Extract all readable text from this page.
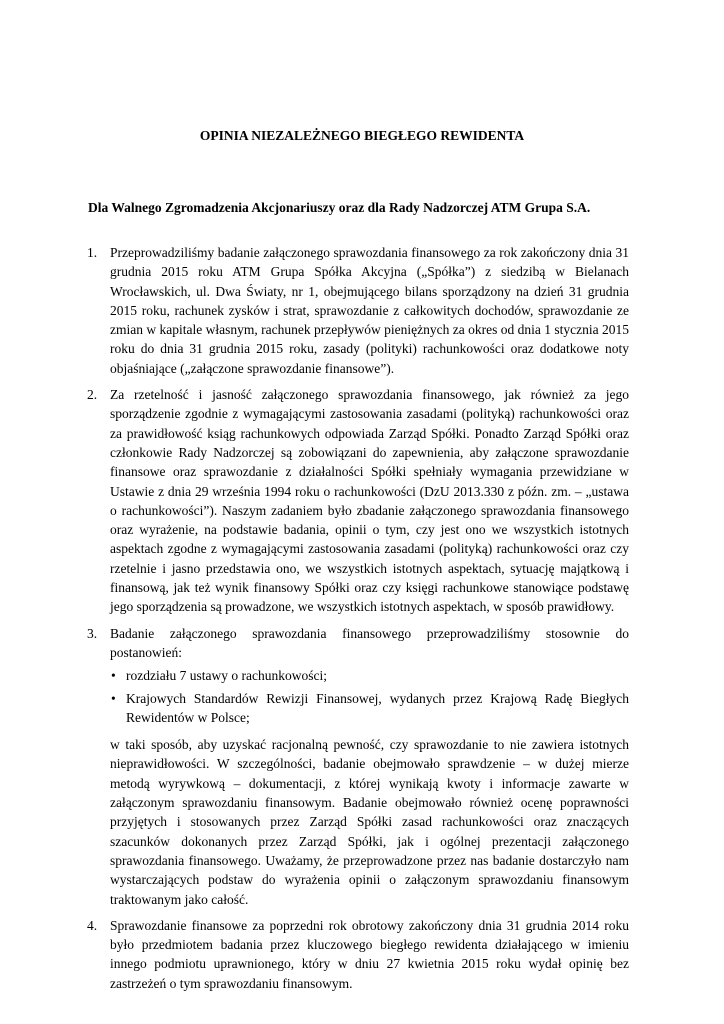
OPINIA NIEZALEŻNEGO BIEGŁEGO REWIDENTA
Dla Walnego Zgromadzenia Akcjonariuszy oraz dla Rady Nadzorczej ATM Grupa S.A.
1. Przeprowadziliśmy badanie załączonego sprawozdania finansowego za rok zakończony dnia 31 grudnia 2015 roku ATM Grupa Spółka Akcyjna („Spółka”) z siedzibą w Bielanach Wrocławskich, ul. Dwa Światy, nr 1, obejmującego bilans sporządzony na dzień 31 grudnia 2015 roku, rachunek zysków i strat, sprawozdanie z całkowitych dochodów, sprawozdanie ze zmian w kapitale własnym, rachunek przepływów pieniężnych za okres od dnia 1 stycznia 2015 roku do dnia 31 grudnia 2015 roku, zasady (polityki) rachunkowości oraz dodatkowe noty objaśniające („załączone sprawozdanie finansowe”).

2. Za rzetelność i jasność załączonego sprawozdania finansowego, jak również za jego sporządzenie zgodnie z wymagającymi zastosowania zasadami (polityką) rachunkowości oraz za prawidłowość ksiąg rachunkowych odpowiada Zarząd Spółki. Ponadto Zarząd Spółki oraz członkowie Rady Nadzorczej są zobowiązani do zapewnienia, aby załączone sprawozdanie finansowe oraz sprawozdanie z działalności Spółki spełniały wymagania przewidziane w Ustawie z dnia 29 września 1994 roku o rachunkowości (DzU 2013.330 z późn. zm. – „ustawa o rachunkowości”). Naszym zadaniem było zbadanie załączonego sprawozdania finansowego oraz wyrażenie, na podstawie badania, opinii o tym, czy jest ono we wszystkich istotnych aspektach zgodne z wymagającymi zastosowania zasadami (polityką) rachunkowości oraz czy rzetelnie i jasno przedstawia ono, we wszystkich istotnych aspektach, sytuację majątkową i finansową, jak też wynik finansowy Spółki oraz czy księgi rachunkowe stanowiące podstawę jego sporządzenia są prowadzone, we wszystkich istotnych aspektach, w sposób prawidłowy.

3. Badanie załączonego sprawozdania finansowego przeprowadziliśmy stosownie do postanowień:

• rozdziału 7 ustawy o rachunkowości;
• Krajowych Standardów Rewizji Finansowej, wydanych przez Krajową Radę Biegłych Rewidentów w Polsce;

w taki sposób, aby uzyskać racjonalną pewność, czy sprawozdanie to nie zawiera istotnych nieprawidłowości. W szczególności, badanie obejmowało sprawdzenie – w dużej mierze metodą wyrywkową – dokumentacji, z której wynikają kwoty i informacje zawarte w załączonym sprawozdaniu finansowym. Badanie obejmowało również ocenę poprawności przyjętych i stosowanych przez Zarząd Spółki zasad rachunkowości oraz znaczących szacunków dokonanych przez Zarząd Spółki, jak i ogólnej prezentacji załączonego sprawozdania finansowego. Uważamy, że przeprowadzone przez nas badanie dostarczyło nam wystarczających podstaw do wyrażenia opinii o załączonym sprawozdaniu finansowym traktowanym jako całość.

4. Sprawozdanie finansowe za poprzedni rok obrotowy zakończony dnia 31 grudnia 2014 roku było przedmiotem badania przez kluczowego biegłego rewidenta działającego w imieniu innego podmiotu uprawnionego, który w dniu 27 kwietnia 2015 roku wydał opinię bez zastrzeżeń o tym sprawozdaniu finansowym.
